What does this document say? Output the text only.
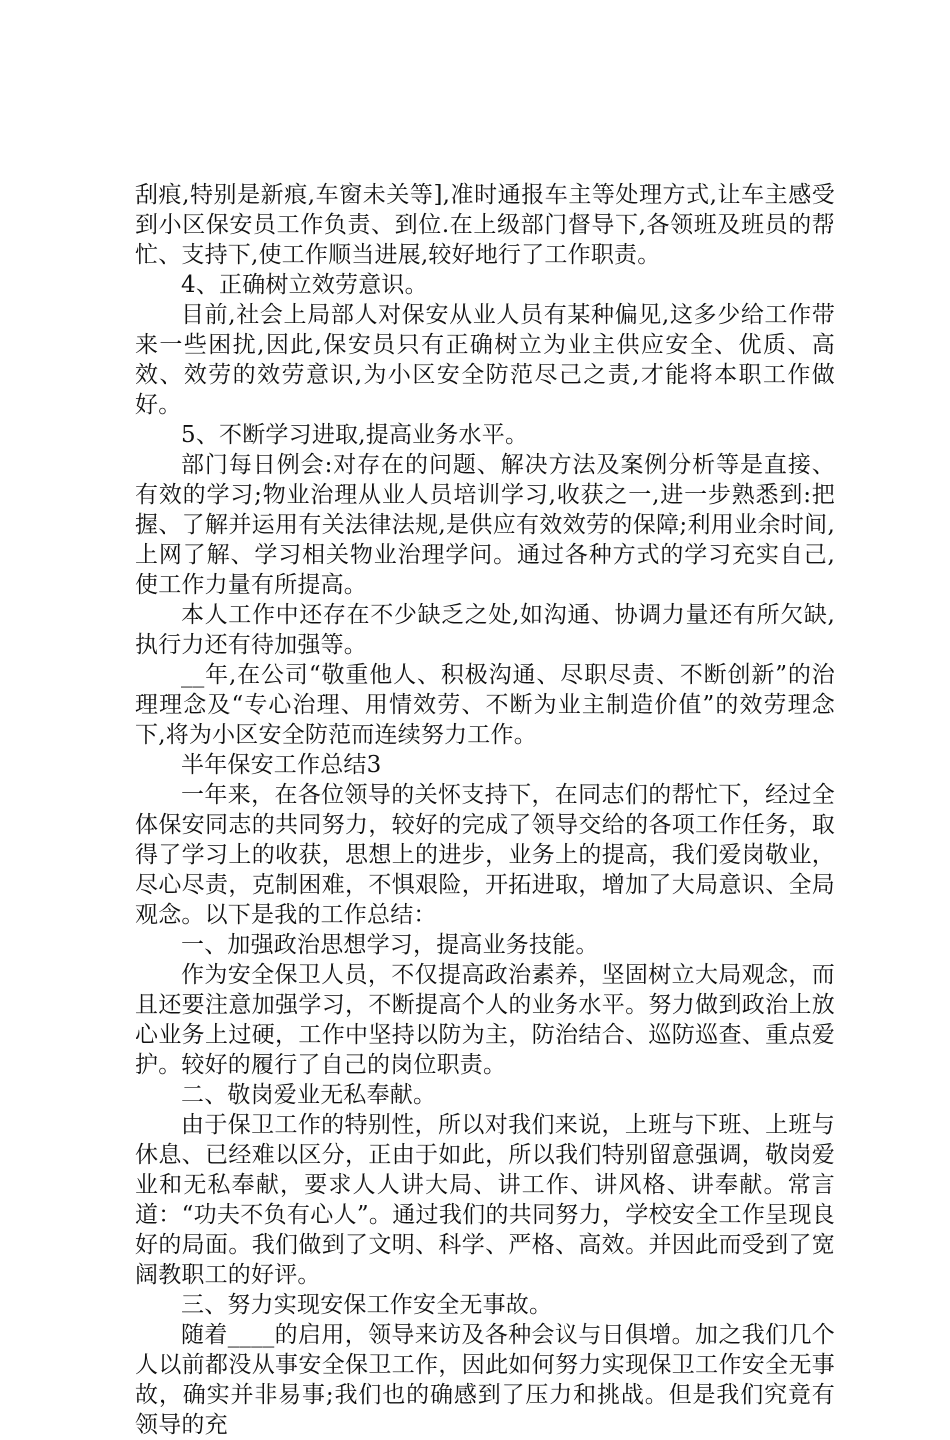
刮痕,特别是新痕,车窗未关等],准时通报车主等处理方式,让车主感受到小区保安员工作负责、到位.在上级部门督导下,各领班及班员的帮忙、支持下,使工作顺当进展,较好地行了工作职责。

4、正确树立效劳意识。

目前,社会上局部人对保安从业人员有某种偏见,这多少给工作带来一些困扰,因此,保安员只有正确树立为业主供应安全、优质、高效、效劳的效劳意识,为小区安全防范尽己之责,才能将本职工作做好。

5、不断学习进取,提高业务水平。

部门每日例会:对存在的问题、解决方法及案例分析等是直接、有效的学习;物业治理从业人员培训学习,收获之一,进一步熟悉到:把握、了解并运用有关法律法规,是供应有效效劳的保障;利用业余时间,上网了解、学习相关物业治理学问。通过各种方式的学习充实自己,使工作力量有所提高。

本人工作中还存在不少缺乏之处,如沟通、协调力量还有所欠缺,执行力还有待加强等。

__年,在公司“敬重他人、积极沟通、尽职尽责、不断创新”的治理理念及“专心治理、用情效劳、不断为业主制造价值”的效劳理念下,将为小区安全防范而连续努力工作。

半年保安工作总结3

一年来，在各位领导的关怀支持下，在同志们的帮忙下，经过全体保安同志的共同努力，较好的完成了领导交给的各项工作任务，取得了学习上的收获，思想上的进步，业务上的提高，我们爱岗敬业，尽心尽责，克制困难，不惧艰险，开拓进取，增加了大局意识、全局观念。以下是我的工作总结：

一、加强政治思想学习，提高业务技能。

作为安全保卫人员，不仅提高政治素养，坚固树立大局观念，而且还要注意加强学习，不断提高个人的业务水平。努力做到政治上放心业务上过硬，工作中坚持以防为主，防治结合、巡防巡查、重点爱护。较好的履行了自己的岗位职责。

二、敬岗爱业无私奉献。

由于保卫工作的特别性，所以对我们来说，上班与下班、上班与休息、已经难以区分，正由于如此，所以我们特别留意强调，敬岗爱业和无私奉献，要求人人讲大局、讲工作、讲风格、讲奉献。常言道：“功夫不负有心人”。通过我们的共同努力，学校安全工作呈现良好的局面。我们做到了文明、科学、严格、高效。并因此而受到了宽阔教职工的好评。

三、努力实现安保工作安全无事故。

随着____的启用，领导来访及各种会议与日俱增。加之我们几个人以前都没从事安全保卫工作，因此如何努力实现保卫工作安全无事故，确实并非易事;我们也的确感到了压力和挑战。但是我们究竟有领导的充
